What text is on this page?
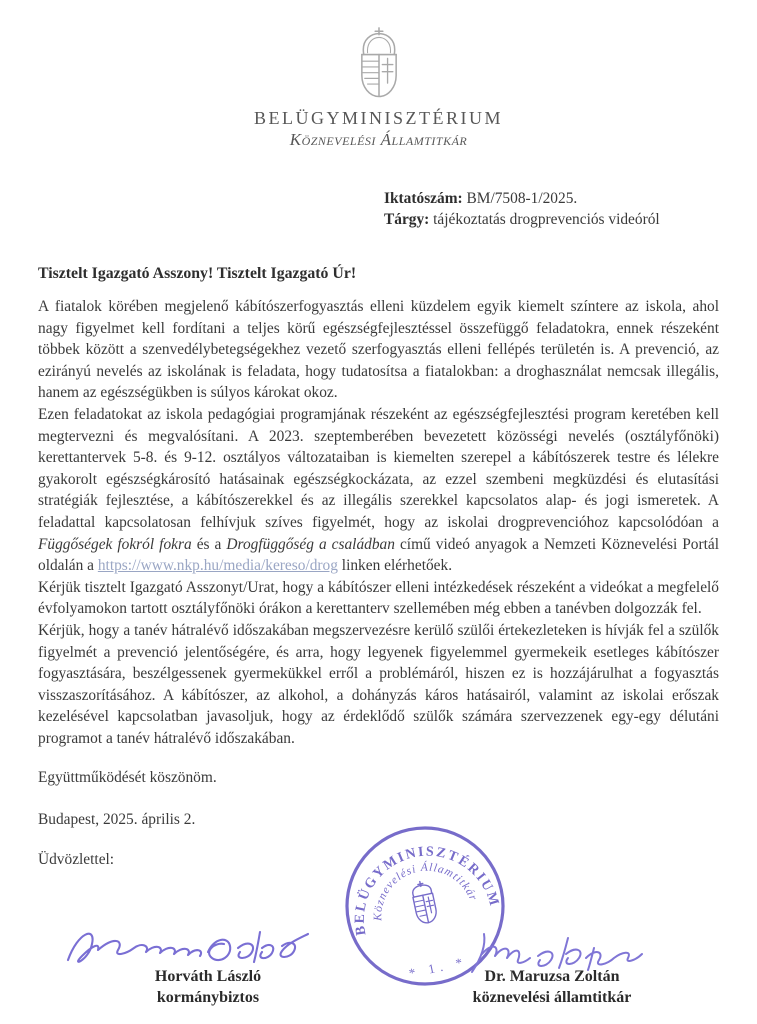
BELÜGYMINISZTÉRIUM
Köznevelési Államtitkár
Iktatószám: BM/7508-1/2025.
Tárgy: tájékoztatás drogprevenciós videóról

Tisztelt Igazgató Asszony! Tisztelt Igazgató Úr!

A fiatalok körében megjelenő kábítószerfogyasztás elleni küzdelem egyik kiemelt színtere az iskola, ahol nagy figyelmet kell fordítani a teljes körű egészségfejlesztéssel összefüggő feladatokra, ennek részeként többek között a szenvedélybetegségekhez vezető szerfogyasztás elleni fellépés területén is. A prevenció, az ezirányú nevelés az iskolának is feladata, hogy tudatosítsa a fiatalokban: a droghasználat nemcsak illegális, hanem az egészségükben is súlyos károkat okoz.

Ezen feladatokat az iskola pedagógiai programjának részeként az egészségfejlesztési program keretében kell megtervezni és megvalósítani. A 2023. szeptemberében bevezetett közösségi nevelés (osztályfőnöki) kerettantervek 5-8. és 9-12. osztályos változataiban is kiemelten szerepel a kábítószerek testre és lélekre gyakorolt egészségkárosító hatásainak egészségkockázata, az ezzel szembeni megküzdési és elutasítási stratégiák fejlesztése, a kábítószerekkel és az illegális szerekkel kapcsolatos alap- és jogi ismeretek. A feladattal kapcsolatosan felhívjuk szíves figyelmét, hogy az iskolai drogprevencióhoz kapcsolódóan a Függőségek fokról fokra és a Drogfüggőség a családban című videó anyagok a Nemzeti Köznevelési Portál oldalán a https://www.nkp.hu/media/kereso/drog linken elérhetőek.

Kérjük tisztelt Igazgató Asszonyt/Urat, hogy a kábítószer elleni intézkedések részeként a videókat a megfelelő évfolyamokon tartott osztályfőnöki órákon a kerettanterv szellemében még ebben a tanévben dolgozzák fel.

Kérjük, hogy a tanév hátralévő időszakában megszervezésre kerülő szülői értekezleteken is hívják fel a szülők figyelmét a prevenció jelentőségére, és arra, hogy legyenek figyelemmel gyermekeik esetleges kábítószer fogyasztására, beszélgessenek gyermekükkel erről a problémáról, hiszen ez is hozzájárulhat a fogyasztás visszaszorításához. A kábítószer, az alkohol, a dohányzás káros hatásairól, valamint az iskolai erőszak kezelésével kapcsolatban javasoljuk, hogy az érdeklődő szülők számára szervezzenek egy-egy délutáni programot a tanév hátralévő időszakában.

Együttműködését köszönöm.

Budapest, 2025. április 2.

Üdvözlettel:

BELÜGYMINISZTÉRIUM
Köznevelési Államtitkár
* 1. *
Horváth László
kormánybiztos
Dr. Maruzsa Zoltán
köznevelési államtitkár
